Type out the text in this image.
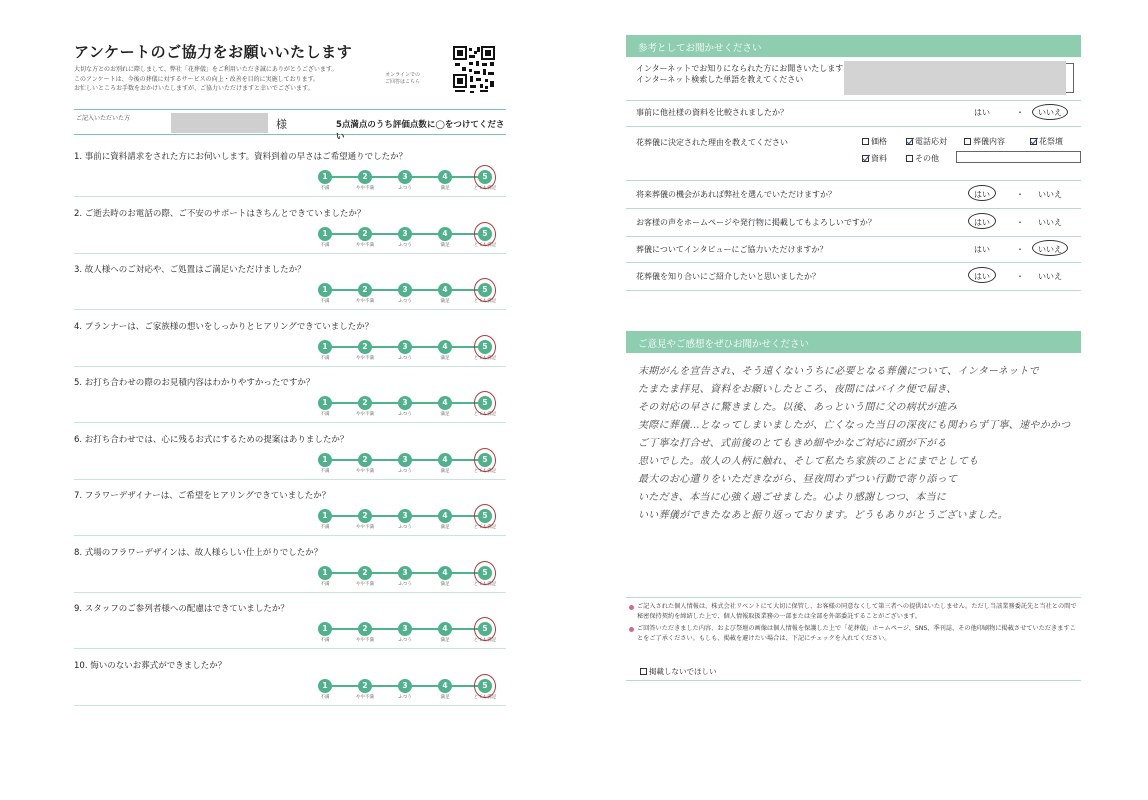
アンケートのご協力をお願いいたします
大切な方とのお別れに際しまして、弊社「花葬儀」をご利用いただき誠にありがとうございます。
このアンケートは、今後の葬儀に対するサービスの向上・改善を目的に実施しております。
お忙しいところお手数をおかけいたしますが、ご協力いただけますと幸いでございます。
オンラインでの
ご回答はこちら
ご記入いただいた方	様	5点満点のうち評価点数に◯をつけてください
1. 事前に資料請求をされた方にお伺いします。資料到着の早さはご希望通りでしたか？
1
不満
2
やや不満
3
ふつう
4
満足
5
とても満足
2. ご逝去時のお電話の際、ご不安のサポートはきちんとできていましたか？
1
不満
2
やや不満
3
ふつう
4
満足
5
とても満足
3. 故人様へのご対応や、ご処置はご満足いただけましたか？
1
不満
2
やや不満
3
ふつう
4
満足
5
とても満足
4. プランナーは、ご家族様の想いをしっかりとヒアリングできていましたか？
1
不満
2
やや不満
3
ふつう
4
満足
5
とても満足
5. お打ち合わせの際のお見積内容はわかりやすかったですか？
1
不満
2
やや不満
3
ふつう
4
満足
5
とても満足
6. お打ち合わせでは、心に残るお式にするための提案はありましたか？
1
不満
2
やや不満
3
ふつう
4
満足
5
とても満足
7. フラワーデザイナーは、ご希望をヒアリングできていましたか？
1
不満
2
やや不満
3
ふつう
4
満足
5
とても満足
8. 式場のフラワーデザインは、故人様らしい仕上がりでしたか？
1
不満
2
やや不満
3
ふつう
4
満足
5
とても満足
9. スタッフのご参列者様への配慮はできていましたか？
1
不満
2
やや不満
3
ふつう
4
満足
5
とても満足
10. 悔いのないお葬式ができましたか？
1
不満
2
やや不満
3
ふつう
4
満足
5
とても満足
参考としてお聞かせください
インターネットでお知りになられた方にお聞きいたします
インターネット検索した単語を教えてください
事前に他社様の資料を比較されましたか？	はい	・ いいえ
花葬儀に決定された理由を教えてください	価格	電話応対	葬儀内容	花祭壇
資料	その他
将来葬儀の機会があれば弊社を選んでいただけますか？	はい	・ いいえ
お客様の声をホームページや発行物に掲載してもよろしいですか？	はい	・ いいえ
葬儀についてインタビューにご協力いただけますか？	はい	・ いいえ
花葬儀を知り合いにご紹介したいと思いましたか？	はい	・ いいえ
ご意見やご感想をぜひお聞かせください
末期がんを宣告され、そう遠くないうちに必要となる葬儀について、インターネットで
たまたま拝見、資料をお願いしたところ、夜間にはバイク便で届き、
その対応の早さに驚きました。以後、あっという間に父の病状が進み
実際に葬儀…となってしまいましたが、亡くなった当日の深夜にも関わらず丁寧、速やかかつ
ご丁寧な打合せ、式前後のとてもきめ細やかなご対応に頭が下がる
思いでした。故人の人柄に触れ、そして私たち家族のことにまでとしても
最大のお心遣りをいただきながら、昼夜問わずつい行動で寄り添って
いただき、本当に心強く過ごせました。心より感謝しつつ、本当に
いい葬儀ができたなあと振り返っております。どうもありがとうございました。
ご記入された個人情報は、株式会社リベントにて大切に保管し、お客様の同意なくして第三者への提供はいたしません。ただし当該業務委託先と当社との間で秘密保持契約を締結した上で、個人情報取扱業務の一部または全部を外部委託することがございます。
ご回答いただきました内容、および祭壇の画像は個人情報を保護した上で「花葬儀」ホームページ、SNS、季刊誌、その他印刷物に掲載させていただきますことをご了承ください。もしも、掲載を避けたい場合は、下記にチェックを入れてください。
掲載しないでほしい
